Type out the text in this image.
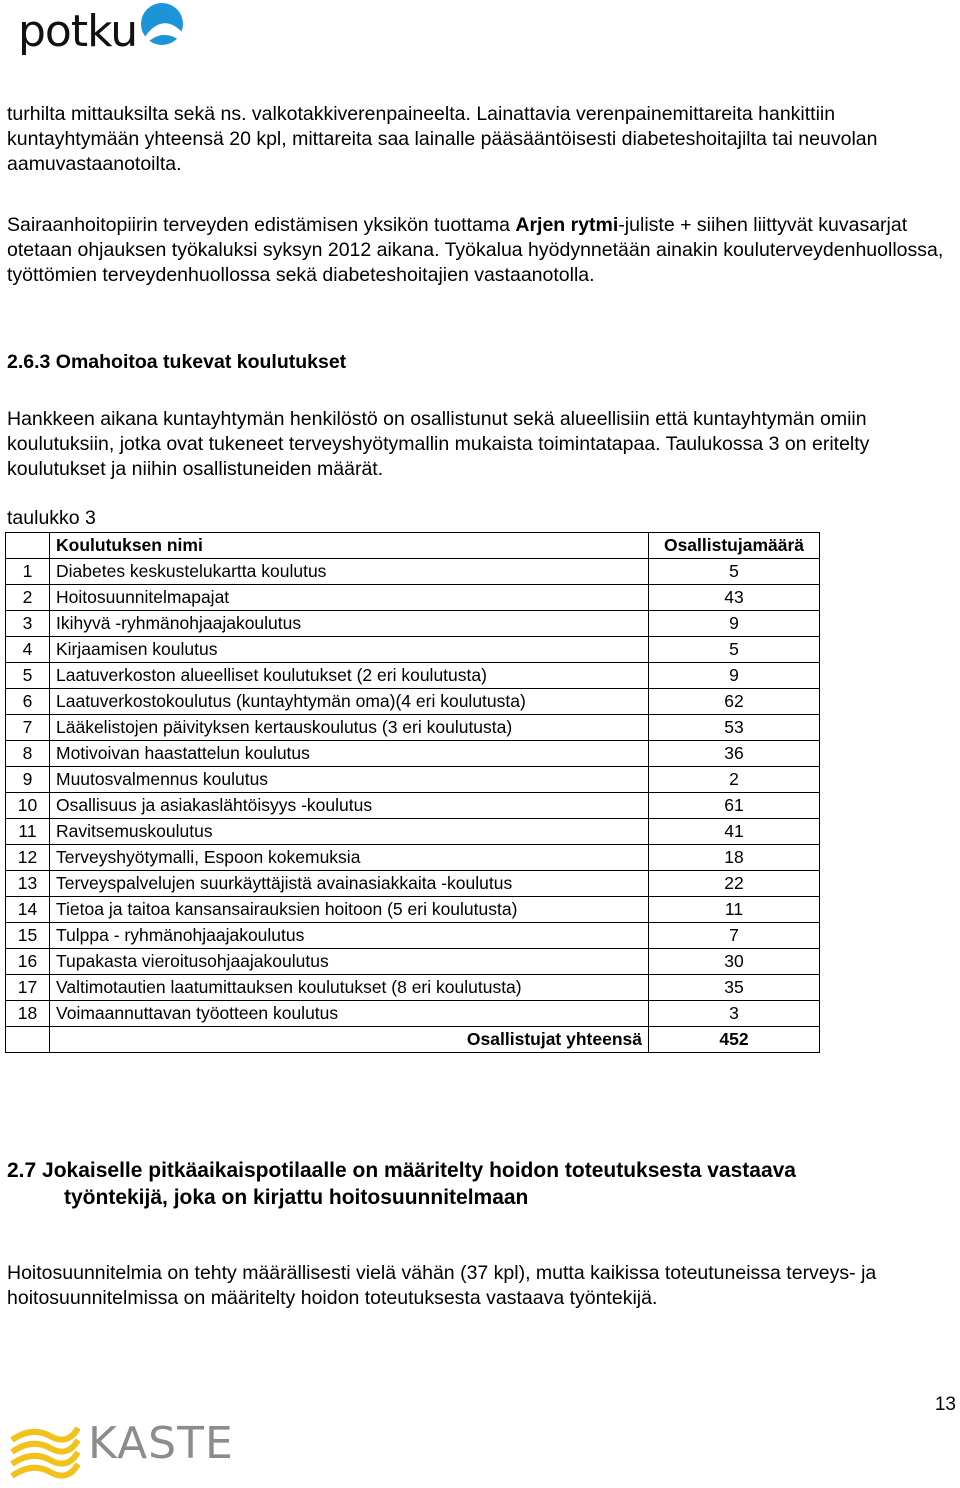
potku

turhilta mittauksilta sekä ns. valkotakkiverenpaineelta. Lainattavia verenpainemittareita hankittiin kuntayhtymään yhteensä 20 kpl, mittareita saa lainalle pääsääntöisesti diabeteshoitajilta tai neuvolan aamuvastaanotoilta.

Sairaanhoitopiirin terveyden edistämisen yksikön tuottama Arjen rytmi-juliste + siihen liittyvät kuvasarjat otetaan ohjauksen työkaluksi syksyn 2012 aikana. Työkalua hyödynnetään ainakin kouluterveydenhuollossa, työttömien terveydenhuollossa sekä diabeteshoitajien vastaanotolla.

2.6.3 Omahoitoa tukevat koulutukset

Hankkeen aikana kuntayhtymän henkilöstö on osallistunut sekä alueellisiin että kuntayhtymän omiin koulutuksiin, jotka ovat tukeneet terveyshyötymallin mukaista toimintatapaa. Taulukossa 3 on eritelty koulutukset ja niihin osallistuneiden määrät.

taulukko 3

	Koulutuksen nimi	Osallistujamäärä
1	Diabetes keskustelukartta koulutus	5
2	Hoitosuunnitelmapajat	43
3	Ikihyvä -ryhmänohjaajakoulutus	9
4	Kirjaamisen koulutus	5
5	Laatuverkoston alueelliset koulutukset (2 eri koulutusta)	9
6	Laatuverkostokoulutus (kuntayhtymän oma)(4 eri koulutusta)	62
7	Lääkelistojen päivityksen kertauskoulutus (3 eri koulutusta)	53
8	Motivoivan haastattelun koulutus	36
9	Muutosvalmennus koulutus	2
10	Osallisuus ja asiakaslähtöisyys -koulutus	61
11	Ravitsemuskoulutus	41
12	Terveyshyötymalli, Espoon kokemuksia	18
13	Terveyspalvelujen suurkäyttäjistä avainasiakkaita -koulutus	22
14	Tietoa ja taitoa kansansairauksien hoitoon (5 eri koulutusta)	11
15	Tulppa - ryhmänohjaajakoulutus	7
16	Tupakasta vieroitusohjaajakoulutus	30
17	Valtimotautien laatumittauksen koulutukset (8 eri koulutusta)	35
18	Voimaannuttavan työotteen koulutus	3
	Osallistujat yhteensä	452
2.7 Jokaiselle pitkäaikaispotilaalle on määritelty hoidon toteutuksesta vastaava
työntekijä, joka on kirjattu hoitosuunnitelmaan

Hoitosuunnitelmia on tehty määrällisesti vielä vähän (37 kpl), mutta kaikissa toteutuneissa terveys- ja hoitosuunnitelmissa on määritelty hoidon toteutuksesta vastaava työntekijä.

13
KASTE
